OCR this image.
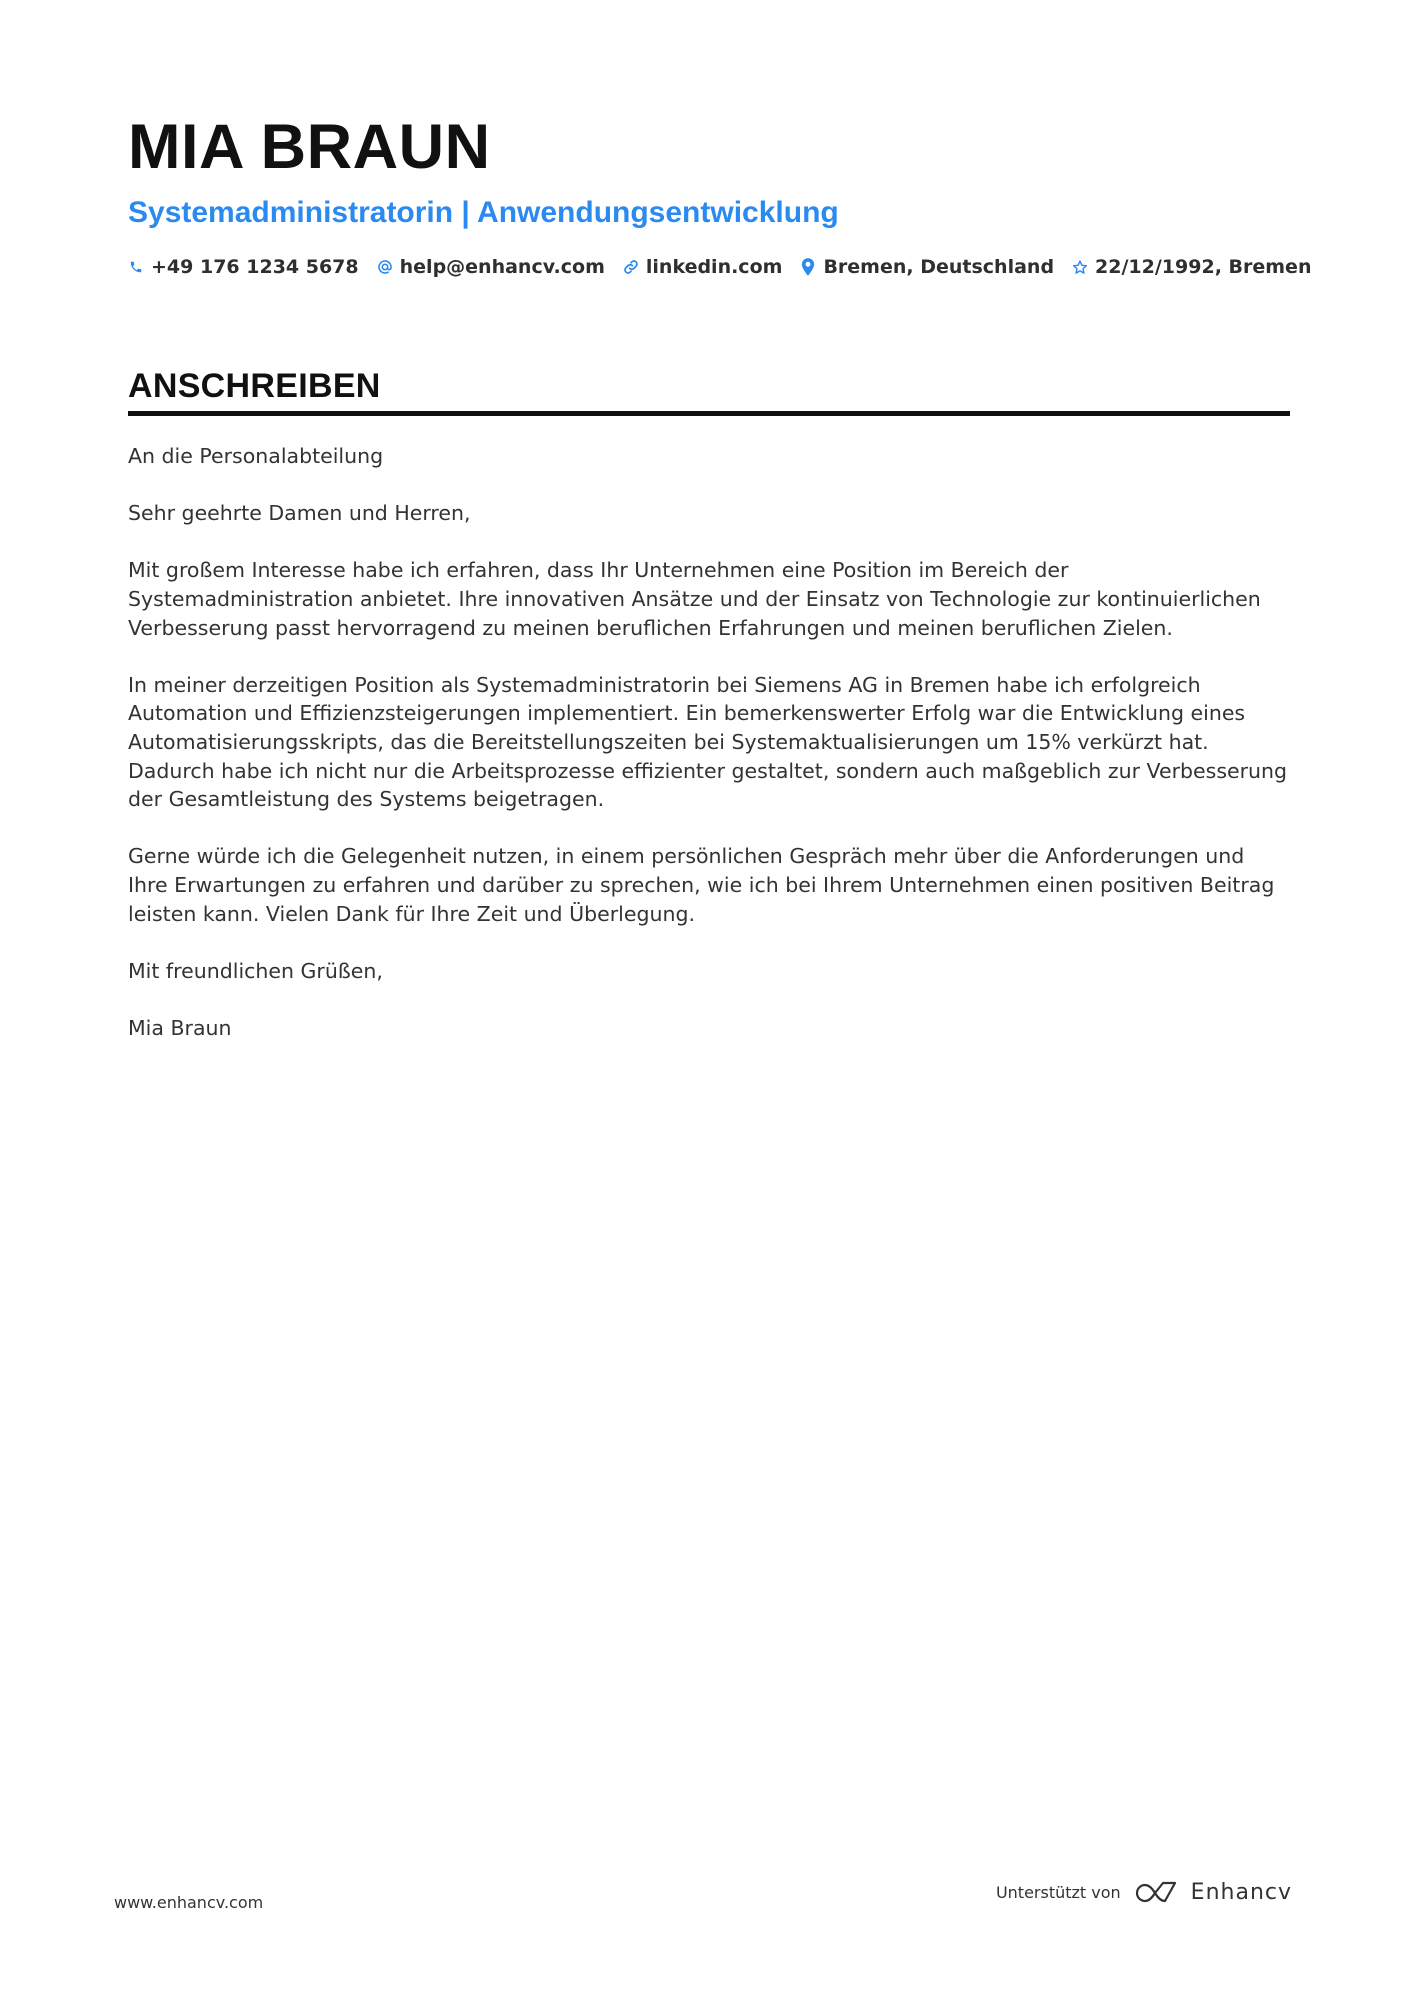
MIA BRAUN
Systemadministratorin | Anwendungsentwicklung
+49 176 1234 5678 help@enhancv.com linkedin.com Bremen, Deutschland 22/12/1992, Bremen
ANSCHREIBEN

An die Personalabteilung

Sehr geehrte Damen und Herren,

Mit großem Interesse habe ich erfahren, dass Ihr Unternehmen eine Position im Bereich der Systemadministration anbietet. Ihre innovativen Ansätze und der Einsatz von Technologie zur kontinuierlichen Verbesserung passt hervorragend zu meinen beruflichen Erfahrungen und meinen beruflichen Zielen.

In meiner derzeitigen Position als Systemadministratorin bei Siemens AG in Bremen habe ich erfolgreich Automation und Effizienzsteigerungen implementiert. Ein bemerkenswerter Erfolg war die Entwicklung eines Automatisierungsskripts, das die Bereitstellungszeiten bei Systemaktualisierungen um 15% verkürzt hat. Dadurch habe ich nicht nur die Arbeitsprozesse effizienter gestaltet, sondern auch maßgeblich zur Verbesserung der Gesamtleistung des Systems beigetragen.

Gerne würde ich die Gelegenheit nutzen, in einem persönlichen Gespräch mehr über die Anforderungen und Ihre Erwartungen zu erfahren und darüber zu sprechen, wie ich bei Ihrem Unternehmen einen positiven Beitrag leisten kann. Vielen Dank für Ihre Zeit und Überlegung.

Mit freundlichen Grüßen,

Mia Braun

www.enhancv.com
Unterstützt von	Enhancv
